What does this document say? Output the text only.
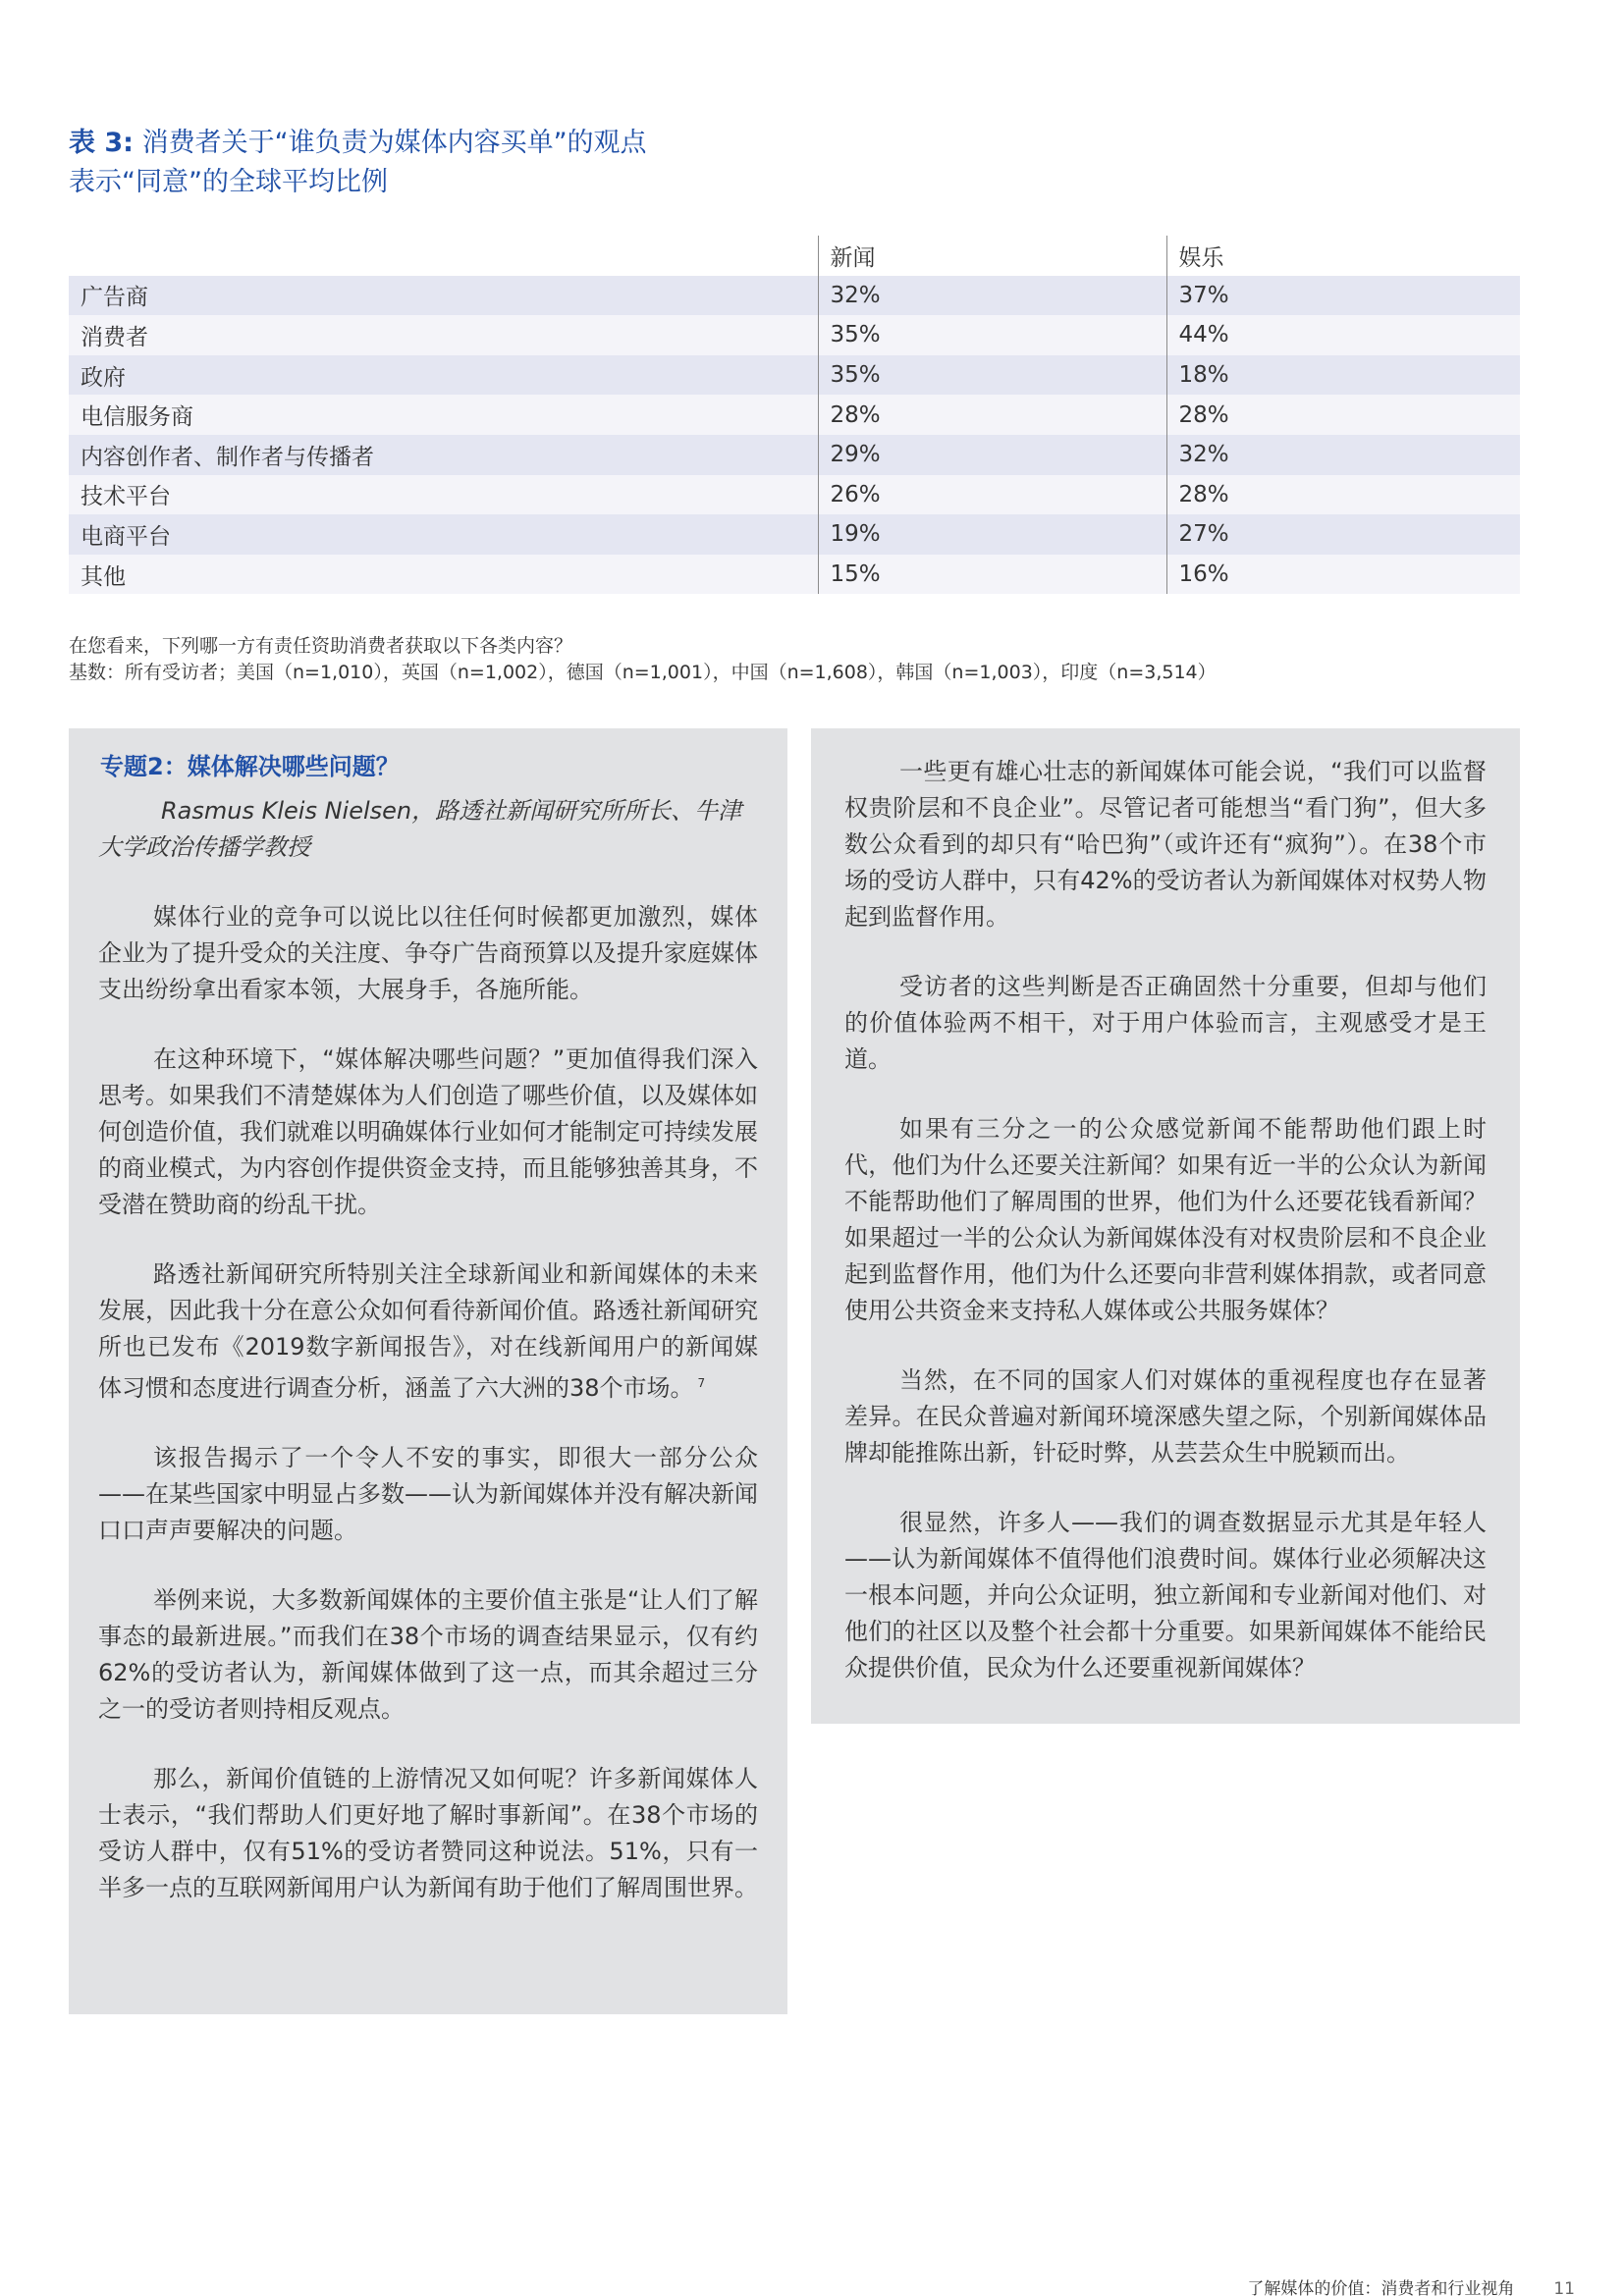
表 3: 消费者关于“谁负责为媒体内容买单”的观点
表示“同意”的全球平均比例
	新闻	娱乐
广告商	32%	37%
消费者	35%	44%
政府	35%	18%
电信服务商	28%	28%
内容创作者、制作者与传播者	29%	32%
技术平台	26%	28%
电商平台	19%	27%
其他	15%	16%
在您看来，下列哪一方有责任资助消费者获取以下各类内容？
基数：所有受访者；美国（n=1,010），英国（n=1,002），德国（n=1,001），中国（n=1,608），韩国（n=1,003），印度（n=3,514）
专题2：媒体解决哪些问题？
Rasmus Kleis Nielsen，路透社新闻研究所所长、牛津大学政治传播学教授

媒体行业的竞争可以说比以往任何时候都更加激烈，媒体企业为了提升受众的关注度、争夺广告商预算以及提升家庭媒体支出纷纷拿出看家本领，大展身手，各施所能。

在这种环境下，“媒体解决哪些问题？”更加值得我们深入思考。如果我们不清楚媒体为人们创造了哪些价值，以及媒体如何创造价值，我们就难以明确媒体行业如何才能制定可持续发展的商业模式，为内容创作提供资金支持，而且能够独善其身，不受潜在赞助商的纷乱干扰。

路透社新闻研究所特别关注全球新闻业和新闻媒体的未来发展，因此我十分在意公众如何看待新闻价值。路透社新闻研究所也已发布《2019数字新闻报告》，对在线新闻用户的新闻媒体习惯和态度进行调查分析，涵盖了六大洲的38个市场。 $^7$

该报告揭示了一个令人不安的事实，即很大一部分公众——在某些国家中明显占多数——认为新闻媒体并没有解决新闻口口声声要解决的问题。

举例来说，大多数新闻媒体的主要价值主张是“让人们了解事态的最新进展。”而我们在38个市场的调查结果显示，仅有约62%的受访者认为，新闻媒体做到了这一点，而其余超过三分之一的受访者则持相反观点。

那么，新闻价值链的上游情况又如何呢？许多新闻媒体人士表示，“我们帮助人们更好地了解时事新闻”。在38个市场的受访人群中，仅有51%的受访者赞同这种说法。51%，只有一半多一点的互联网新闻用户认为新闻有助于他们了解周围世界。

一些更有雄心壮志的新闻媒体可能会说，“我们可以监督权贵阶层和不良企业”。尽管记者可能想当“看门狗”，但大多数公众看到的却只有“哈巴狗”（或许还有“疯狗”）。在38个市场的受访人群中，只有42%的受访者认为新闻媒体对权势人物起到监督作用。

受访者的这些判断是否正确固然十分重要，但却与他们的价值体验两不相干，对于用户体验而言，主观感受才是王道。

如果有三分之一的公众感觉新闻不能帮助他们跟上时代，他们为什么还要关注新闻？如果有近一半的公众认为新闻不能帮助他们了解周围的世界，他们为什么还要花钱看新闻？如果超过一半的公众认为新闻媒体没有对权贵阶层和不良企业起到监督作用，他们为什么还要向非营利媒体捐款，或者同意使用公共资金来支持私人媒体或公共服务媒体？

当然，在不同的国家人们对媒体的重视程度也存在显著差异。在民众普遍对新闻环境深感失望之际，个别新闻媒体品牌却能推陈出新，针砭时弊，从芸芸众生中脱颖而出。

很显然，许多人——我们的调查数据显示尤其是年轻人——认为新闻媒体不值得他们浪费时间。媒体行业必须解决这一根本问题，并向公众证明，独立新闻和专业新闻对他们、对他们的社区以及整个社会都十分重要。如果新闻媒体不能给民众提供价值，民众为什么还要重视新闻媒体？

了解媒体的价值：消费者和行业视角 11
